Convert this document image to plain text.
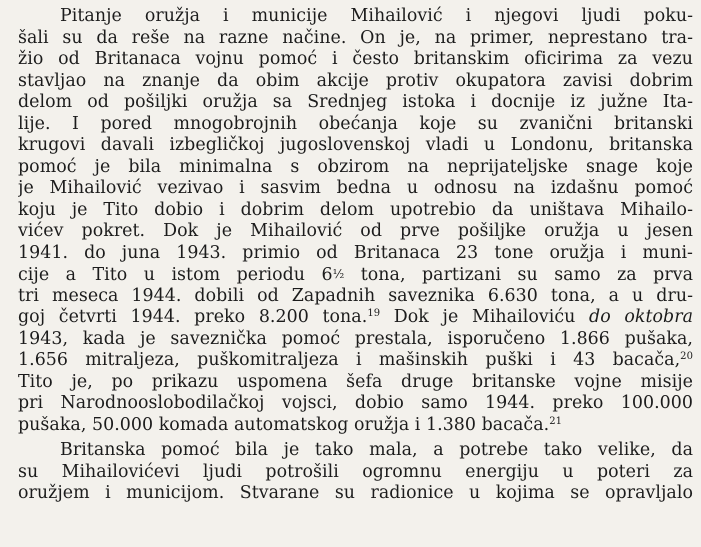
Pitanje oružja i municije Mihailović i njegovi ljudi poku-
šali su da reše na razne načine. On je, na primer, neprestano tra-
žio od Britanaca vojnu pomoć i često britanskim oficirima za vezu
stavljao na znanje da obim akcije protiv okupatora zavisi dobrim
delom od pošiljki oružja sa Srednjeg istoka i docnije iz južne Ita-
lije. I pored mnogobrojnih obećanja koje su zvanični britanski
krugovi davali izbegličkoj jugoslovenskoj vladi u Londonu, britanska
pomoć je bila minimalna s obzirom na neprijateljske snage koje
je Mihailović vezivao i sasvim bedna u odnosu na izdašnu pomoć
koju je Tito dobio i dobrim delom upotrebio da uništava Mihailo-
vićev pokret. Dok je Mihailović od prve pošiljke oružja u jesen
1941. do juna 1943. primio od Britanaca 23 tone oružja i muni-
cije a Tito u istom periodu 6½ tona, partizani su samo za prva
tri meseca 1944. dobili od Zapadnih saveznika 6.630 tona, a u dru-
goj četvrti 1944. preko 8.200 tona.$^{19}$ Dok je Mihailoviću do oktobra
1943, kada je saveznička pomoć prestala, isporučeno 1.866 pušaka,
1.656 mitraljeza, puškomitraljeza i mašinskih puški i 43 bacača,$^{20}$
Tito je, po prikazu uspomena šefa druge britanske vojne misije
pri Narodnooslobodilačkoj vojsci, dobio samo 1944. preko 100.000
pušaka, 50.000 komada automatskog oružja i 1.380 bacača.$^{21}$
Britanska pomoć bila je tako mala, a potrebe tako velike, da
su Mihailovićevi ljudi potrošili ogromnu energiju u poteri za
oružjem i municijom. Stvarane su radionice u kojima se opravljalo
